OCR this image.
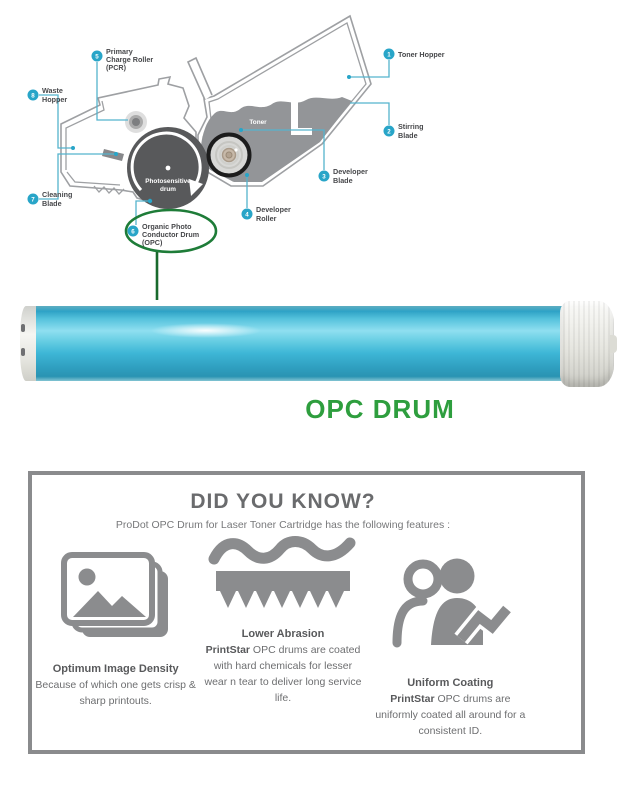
Toner
Photosensitive
drum
1 Toner Hopper
2
Stirring
Blade
3
Developer
Blade
4
Developer
Roller
5
Primary
Charge Roller
(PCR)
6
Organic Photo
Conductor Drum
(OPC)
7
Cleaning
Blade
8
Waste
Hopper
OPC DRUM
DID YOU KNOW?

ProDot OPC Drum for Laser Toner Cartridge has the following features :

Optimum Image Density
Because of which one gets crisp & sharp printouts.
Lower Abrasion
PrintStar OPC drums are coated with hard chemicals for lesser wear n tear to deliver long service life.
Uniform Coating
PrintStar OPC drums are uniformly coated all around for a consistent ID.
